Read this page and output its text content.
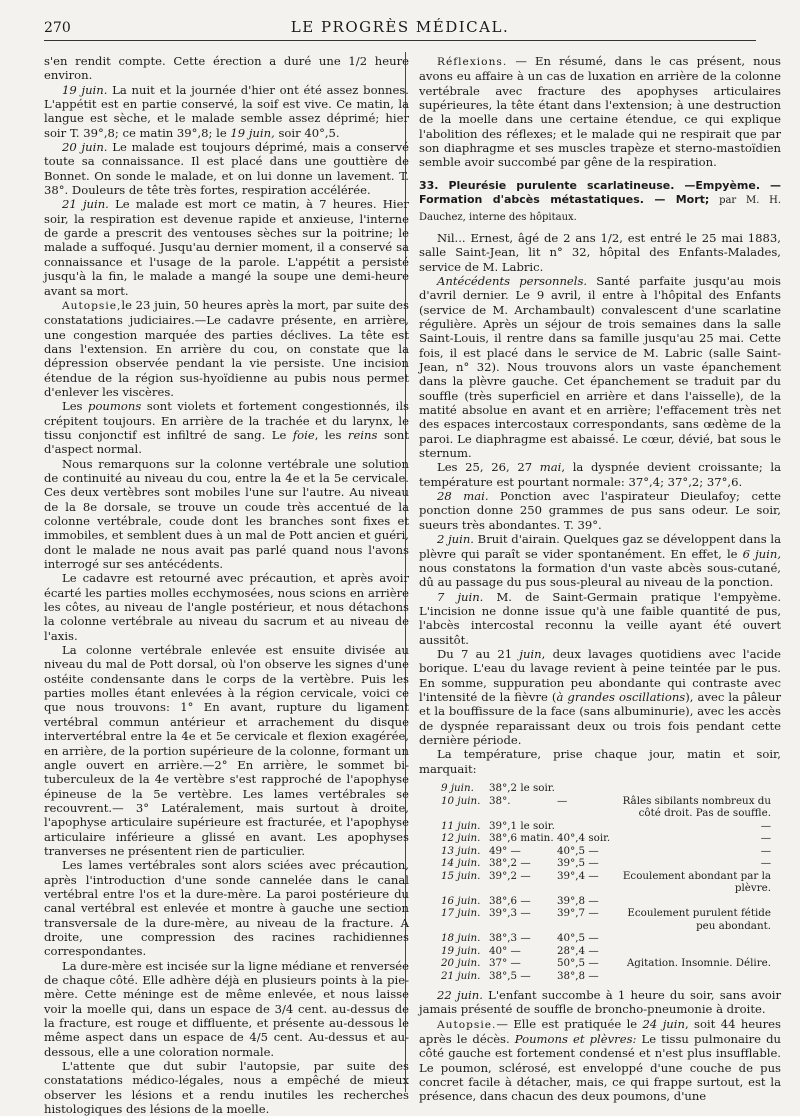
270	LE PROGRÈS MÉDICAL.

s'en rendit compte. Cette érection a duré une 1/2 heure environ.

19 juin. La nuit et la journée d'hier ont été assez bonnes. L'appétit est en partie conservé, la soif est vive. Ce matin, la langue est sèche, et le malade semble assez déprimé; hier soir T. 39°,8; ce matin 39°,8; le 19 juin, soir 40°,5.

20 juin. Le malade est toujours déprimé, mais a conservé toute sa connaissance. Il est placé dans une gouttière de Bonnet. On sonde le malade, et on lui donne un lavement. T. 38°. Douleurs de tête très fortes, respiration accélérée.

21 juin. Le malade est mort ce matin, à 7 heures. Hier soir, la respiration est devenue rapide et anxieuse, l'interne de garde a prescrit des ventouses sèches sur la poitrine; le malade a suffoqué. Jusqu'au dernier moment, il a conservé sa connaissance et l'usage de la parole. L'appétit a persisté jusqu'à la fin, le malade a mangé la soupe une demi-heure avant sa mort.

Autopsie,le 23 juin, 50 heures après la mort, par suite des constatations judiciaires.—Le cadavre présente, en arrière, une congestion marquée des parties déclives. La tête est dans l'extension. En arrière du cou, on constate que la dépression observée pendant la vie persiste. Une incision étendue de la région sus-hyoïdienne au pubis nous permet d'enlever les viscères.

Les poumons sont violets et fortement congestionnés, ils crépitent toujours. En arrière de la trachée et du larynx, le tissu conjonctif est infiltré de sang. Le foie, les reins sont d'aspect normal.

Nous remarquons sur la colonne vertébrale une solution de continuité au niveau du cou, entre la 4e et la 5e cervicale. Ces deux vertèbres sont mobiles l'une sur l'autre. Au niveau de la 8e dorsale, se trouve un coude très accentué de la colonne vertébrale, coude dont les branches sont fixes et immobiles, et semblent dues à un mal de Pott ancien et guéri, dont le malade ne nous avait pas parlé quand nous l'avons interrogé sur ses antécédents.

Le cadavre est retourné avec précaution, et après avoir écarté les parties molles ecchymosées, nous scions en arrière les côtes, au niveau de l'angle postérieur, et nous détachons la colonne vertébrale au niveau du sacrum et au niveau de l'axis.

La colonne vertébrale enlevée est ensuite divisée au niveau du mal de Pott dorsal, où l'on observe les signes d'une ostéite condensante dans le corps de la vertèbre. Puis les parties molles étant enlevées à la région cervicale, voici ce que nous trouvons: 1° En avant, rupture du ligament vertébral commun antérieur et arrachement du disque intervertébral entre la 4e et 5e cervicale et flexion exagérée, en arrière, de la portion supérieure de la colonne, formant un angle ouvert en arrière.—2° En arrière, le sommet bi-tuberculeux de la 4e vertèbre s'est rapproché de l'apophyse épineuse de la 5e vertèbre. Les lames vertébrales se recouvrent.— 3° Latéralement, mais surtout à droite, l'apophyse articulaire supérieure est fracturée, et l'apophyse articulaire inférieure a glissé en avant. Les apophyses tranverses ne présentent rien de particulier.

Les lames vertébrales sont alors sciées avec précaution, après l'introduction d'une sonde cannelée dans le canal vertébral entre l'os et la dure-mère. La paroi postérieure du canal vertébral est enlevée et montre à gauche une section transversale de la dure-mère, au niveau de la fracture. A droite, une compression des racines rachidiennes correspondantes.

La dure-mère est incisée sur la ligne médiane et renversée de chaque côté. Elle adhère déjà en plusieurs points à la pie-mère. Cette méninge est de même enlevée, et nous laisse voir la moelle qui, dans un espace de 3/4 cent. au-dessus de la fracture, est rouge et diffluente, et présente au-dessous le même aspect dans un espace de 4/5 cent. Au-dessus et au-dessous, elle a une coloration normale.

L'attente que dut subir l'autopsie, par suite des constatations médico-légales, nous a empêché de mieux observer les lésions et a rendu inutiles les recherches histologiques des lésions de la moelle.

Réflexions. — En résumé, dans le cas présent, nous avons eu affaire à un cas de luxation en arrière de la colonne vertébrale avec fracture des apophyses articulaires supérieures, la tête étant dans l'extension; à une destruction de la moelle dans une certaine étendue, ce qui explique l'abolition des réflexes; et le malade qui ne respirait que par son diaphragme et ses muscles trapèze et sterno-mastoïdien semble avoir succombé par gêne de la respiration.

33. Pleurésie purulente scarlatineuse. —Empyème. — Formation d'abcès métastatiques. — Mort; par M. H. Dauchez, interne des hôpitaux.

Nil... Ernest, âgé de 2 ans 1/2, est entré le 25 mai 1883, salle Saint-Jean, lit n° 32, hôpital des Enfants-Malades, service de M. Labric.

Antécédents personnels. Santé parfaite jusqu'au mois d'avril dernier. Le 9 avril, il entre à l'hôpital des Enfants (service de M. Archambault) convalescent d'une scarlatine régulière. Après un séjour de trois semaines dans la salle Saint-Louis, il rentre dans sa famille jusqu'au 25 mai. Cette fois, il est placé dans le service de M. Labric (salle Saint-Jean, n° 32). Nous trouvons alors un vaste épanchement dans la plèvre gauche. Cet épanchement se traduit par du souffle (très superficiel en arrière et dans l'aisselle), de la matité absolue en avant et en arrière; l'effacement très net des espaces intercostaux correspondants, sans œdème de la paroi. Le diaphragme est abaissé. Le cœur, dévié, bat sous le sternum.

Les 25, 26, 27 mai, la dyspnée devient croissante; la température est pourtant normale: 37°,4; 37°,2; 37°,6.

28 mai. Ponction avec l'aspirateur Dieulafoy; cette ponction donne 250 grammes de pus sans odeur. Le soir, sueurs très abondantes. T. 39°.

2 juin. Bruit d'airain. Quelques gaz se développent dans la plèvre qui paraît se vider spontanément. En effet, le 6 juin, nous constatons la formation d'un vaste abcès sous-cutané, dû au passage du pus sous-pleural au niveau de la ponction.

7 juin. M. de Saint-Germain pratique l'empyème. L'incision ne donne issue qu'à une faible quantité de pus, l'abcès intercostal reconnu la veille ayant été ouvert aussitôt.

Du 7 au 21 juin, deux lavages quotidiens avec l'acide borique. L'eau du lavage revient à peine teintée par le pus. En somme, suppuration peu abondante qui contraste avec l'intensité de la fièvre (à grandes oscillations), avec la pâleur et la bouffissure de la face (sans albuminurie), avec les accès de dyspnée reparaissant deux ou trois fois pendant cette dernière période.

La température, prise chaque jour, matin et soir, marquait:

9 juin.	38°,2 le soir.		
10 juin.	38°.	—	Râles sibilants nombreux du côté droit. Pas de souffle.
11 juin.	39°,1 le soir.		—
12 juin.	38°,6 matin.	40°,4 soir.	—
13 juin.	49° —	40°,5 —	—
14 juin.	38°,2 —	39°,5 —	—
15 juin.	39°,2 —	39°,4 —	Ecoulement abondant par la plèvre.
16 juin.	38°,6 —	39°,8 —	
17 juin.	39°,3 —	39°,7 —	Ecoulement purulent fétide peu abondant.
18 juin.	38°,3 —	40°,5 —	
19 juin.	40° —	28°,4 —	
20 juin.	37° —	50°,5 —	Agitation. Insomnie. Délire.
21 juin.	38°,5 —	38°,8 —	

22 juin. L'enfant succombe à 1 heure du soir, sans avoir jamais présenté de souffle de broncho-pneumonie à droite.

Autopsie.— Elle est pratiquée le 24 juin, soit 44 heures après le décès. Poumons et plèvres: Le tissu pulmonaire du côté gauche est fortement condensé et n'est plus insufflable. Le poumon, sclérosé, est enveloppé d'une couche de pus concret facile à détacher, mais, ce qui frappe surtout, est la présence, dans chacun des deux poumons, d'une
